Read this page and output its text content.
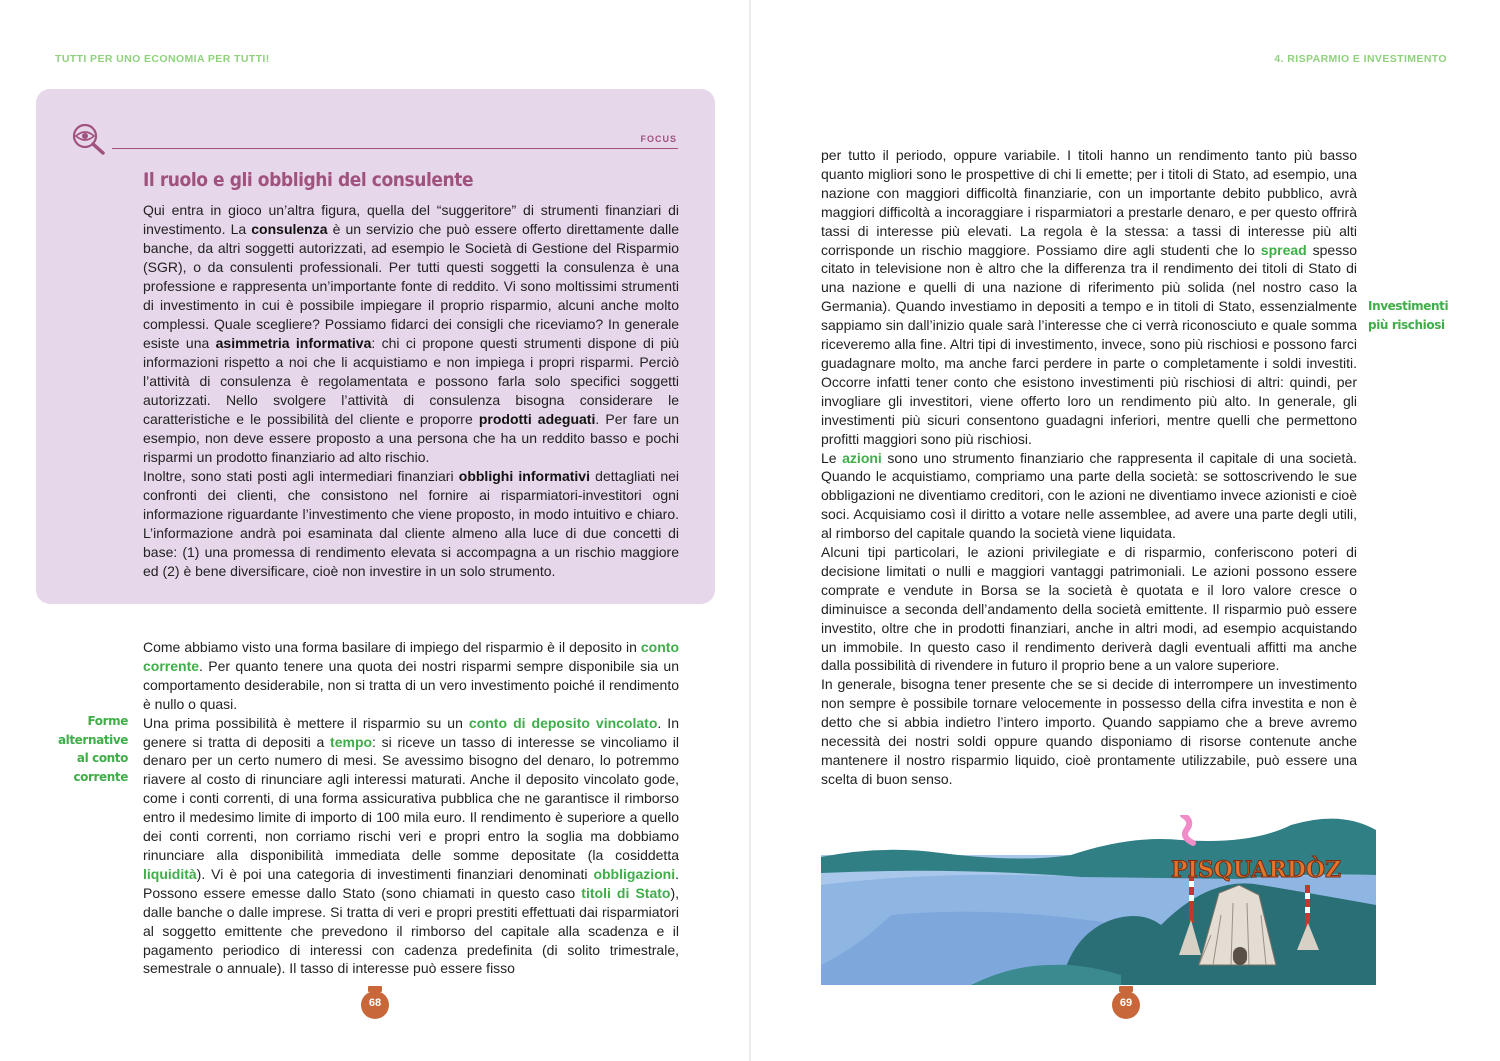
TUTTI PER UNO ECONOMIA PER TUTTI!	4. RISPARMIO E INVESTIMENTO
FOCUS
Il ruolo e gli obblighi del consulente

Qui entra in gioco un’altra figura, quella del “suggeritore” di strumenti finanziari di investimento. La consulenza è un servizio che può essere offerto direttamente dalle banche, da altri soggetti autorizzati, ad esempio le Società di Gestione del Risparmio (SGR), o da consulenti professionali. Per tutti questi soggetti la consulenza è una professione e rappresenta un’importante fonte di reddito. Vi sono moltissimi strumenti di investimento in cui è possibile impiegare il proprio risparmio, alcuni anche molto complessi. Quale scegliere? Possiamo fidarci dei consigli che riceviamo? In generale esiste una asimmetria informativa: chi ci propone questi strumenti dispone di più informazioni rispetto a noi che li acquistiamo e non impiega i propri risparmi. Perciò l’attività di consulenza è regolamentata e possono farla solo specifici soggetti autorizzati. Nello svolgere l’attività di consulenza bisogna considerare le caratteristiche e le possibilità del cliente e proporre prodotti adeguati. Per fare un esempio, non deve essere proposto a una persona che ha un reddito basso e pochi risparmi un prodotto finanziario ad alto rischio.

Inoltre, sono stati posti agli intermediari finanziari obblighi informativi dettagliati nei confronti dei clienti, che consistono nel fornire ai risparmiatori-investitori ogni informazione riguardante l’investimento che viene proposto, in modo intuitivo e chiaro. L’informazione andrà poi esaminata dal cliente almeno alla luce di due concetti di base: (1) una promessa di rendimento elevata si accompagna a un rischio maggiore ed (2) è bene diversificare, cioè non investire in un solo strumento.

Forme
alternative
al conto
corrente

Come abbiamo visto una forma basilare di impiego del risparmio è il deposito in conto corrente. Per quanto tenere una quota dei nostri risparmi sempre disponibile sia un comportamento desiderabile, non si tratta di un vero investimento poiché il rendimento è nullo o quasi.

Una prima possibilità è mettere il risparmio su un conto di deposito vincolato. In genere si tratta di depositi a tempo: si riceve un tasso di interesse se vincoliamo il denaro per un certo numero di mesi. Se avessimo bisogno del denaro, lo potremmo riavere al costo di rinunciare agli interessi maturati. Anche il deposito vincolato gode, come i conti correnti, di una forma assicurativa pubblica che ne garantisce il rimborso entro il medesimo limite di importo di 100 mila euro. Il rendimento è superiore a quello dei conti correnti, non corriamo rischi veri e propri entro la soglia ma dobbiamo rinunciare alla disponibilità immediata delle somme depositate (la cosiddetta liquidità). Vi è poi una categoria di investimenti finanziari denominati obbligazioni. Possono essere emesse dallo Stato (sono chiamati in questo caso titoli di Stato), dalle banche o dalle imprese. Si tratta di veri e propri prestiti effettuati dai risparmiatori al soggetto emittente che prevedono il rimborso del capitale alla scadenza e il pagamento periodico di interessi con cadenza predefinita (di solito trimestrale, semestrale o annuale). Il tasso di interesse può essere fisso

68

per tutto il periodo, oppure variabile. I titoli hanno un rendimento tanto più basso quanto migliori sono le prospettive di chi li emette; per i titoli di Stato, ad esempio, una nazione con maggiori difficoltà finanziarie, con un importante debito pubblico, avrà maggiori difficoltà a incoraggiare i risparmiatori a prestarle denaro, e per questo offrirà tassi di interesse più elevati. La regola è la stessa: a tassi di interesse più alti corrisponde un rischio maggiore. Possiamo dire agli studenti che lo spread spesso citato in televisione non è altro che la differenza tra il rendimento dei titoli di Stato di una nazione e quelli di una nazione di riferimento più solida (nel nostro caso la Germania). Quando investiamo in depositi a tempo e in titoli di Stato, essenzialmente sappiamo sin dall’inizio quale sarà l’interesse che ci verrà riconosciuto e quale somma riceveremo alla fine. Altri tipi di investimento, invece, sono più rischiosi e possono farci guadagnare molto, ma anche farci perdere in parte o completamente i soldi investiti. Occorre infatti tener conto che esistono investimenti più rischiosi di altri: quindi, per invogliare gli investitori, viene offerto loro un rendimento più alto. In generale, gli investimenti più sicuri consentono guadagni inferiori, mentre quelli che permettono profitti maggiori sono più rischiosi.

Le azioni sono uno strumento finanziario che rappresenta il capitale di una società. Quando le acquistiamo, compriamo una parte della società: se sottoscrivendo le sue obbligazioni ne diventiamo creditori, con le azioni ne diventiamo invece azionisti e cioè soci. Acquisiamo così il diritto a votare nelle assemblee, ad avere una parte degli utili, al rimborso del capitale quando la società viene liquidata.

Alcuni tipi particolari, le azioni privilegiate e di risparmio, conferiscono poteri di decisione limitati o nulli e maggiori vantaggi patrimoniali. Le azioni possono essere comprate e vendute in Borsa se la società è quotata e il loro valore cresce o diminuisce a seconda dell’andamento della società emittente. Il risparmio può essere investito, oltre che in prodotti finanziari, anche in altri modi, ad esempio acquistando un immobile. In questo caso il rendimento deriverà dagli eventuali affitti ma anche dalla possibilità di rivendere in futuro il proprio bene a un valore superiore.

In generale, bisogna tener presente che se si decide di interrompere un investimento non sempre è possibile tornare velocemente in possesso della cifra investita e non è detto che si abbia indietro l’intero importo. Quando sappiamo che a breve avremo necessità dei nostri soldi oppure quando disponiamo di risorse contenute anche mantenere il nostro risparmio liquido, cioè prontamente utilizzabile, può essere una scelta di buon senso.

Investimenti
più rischiosi
PISQUARDÒZ
69
